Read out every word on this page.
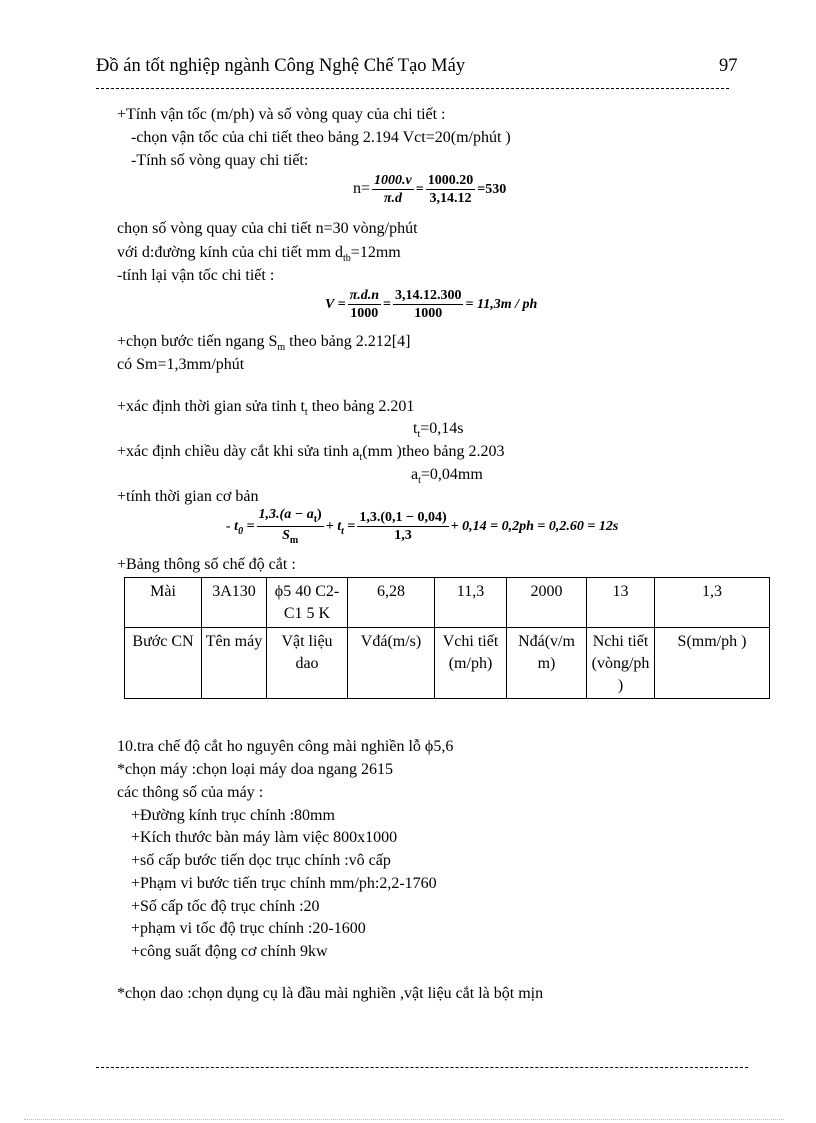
Đồ án tốt nghiệp ngành Công Nghệ Chế Tạo Máy	97
+Tính vận tốc (m/ph) và số vòng quay của chi tiết :
-chọn vận tốc của chi tiết theo bảng 2.194 Vct=20(m/phút )
-Tính số vòng quay chi tiết:
$n= \frac{1000.v}{\pi.d} = \frac{1000.20}{3,14.12} =530$
chọn số vòng quay của chi tiết n=30 vòng/phút
với d:đường kính của chi tiết mm $d_{tb}=12mm$
-tính lại vận tốc chi tiết :
$V = \frac{\pi.d.n}{1000} = \frac{3,14.12.300}{1000} = 11,3m$ / ph
+chọn bước tiến ngang $S_m$ theo bảng 2.212[4]
có Sm=1,3mm/phút
+xác định thời gian sửa tinh $t_t$ theo bảng 2.201
$t_t=0,14s$
+xác định chiều dày cắt khi sửa tinh $a_t(mm$ )theo bảng 2.203
$a_t=0,04mm$
+tính thời gian cơ bản
- $t_0 = \frac{1,3.(a - a_t)}{S_m} + t_t = \frac{1,3.(0,1 - 0,04)}{1,3} + 0,14 = 0,2ph = 0,2.60 = 12s$
+Bảng thông số chế độ cắt :
Mài	3A130	ϕ5 40 C2-C1 5 K	6,28	11,3	2000	13	1,3
Bước CN	Tên máy	Vật liệu dao	Vđá(m/s)	Vchi tiết (m/ph)	Nđá(v/m m)	Nchi tiết (vòng/ph )	S(mm/ph )
10.tra chế độ cắt ho nguyên công mài nghiền lỗ ϕ5,6
*chọn máy :chọn loại máy doa ngang 2615
các thông số của máy :
+Đường kính trục chính :80mm
+Kích thước bàn máy làm việc 800x1000
+số cấp bước tiến dọc trục chính :vô cấp
+Phạm vi bước tiến trục chính mm/ph:2,2-1760
+Số cấp tốc độ trục chính :20
+phạm vi tốc độ trục chính :20-1600
+công suất động cơ chính 9kw
*chọn dao :chọn dụng cụ là đầu mài nghiền ,vật liệu cắt là bột mịn
